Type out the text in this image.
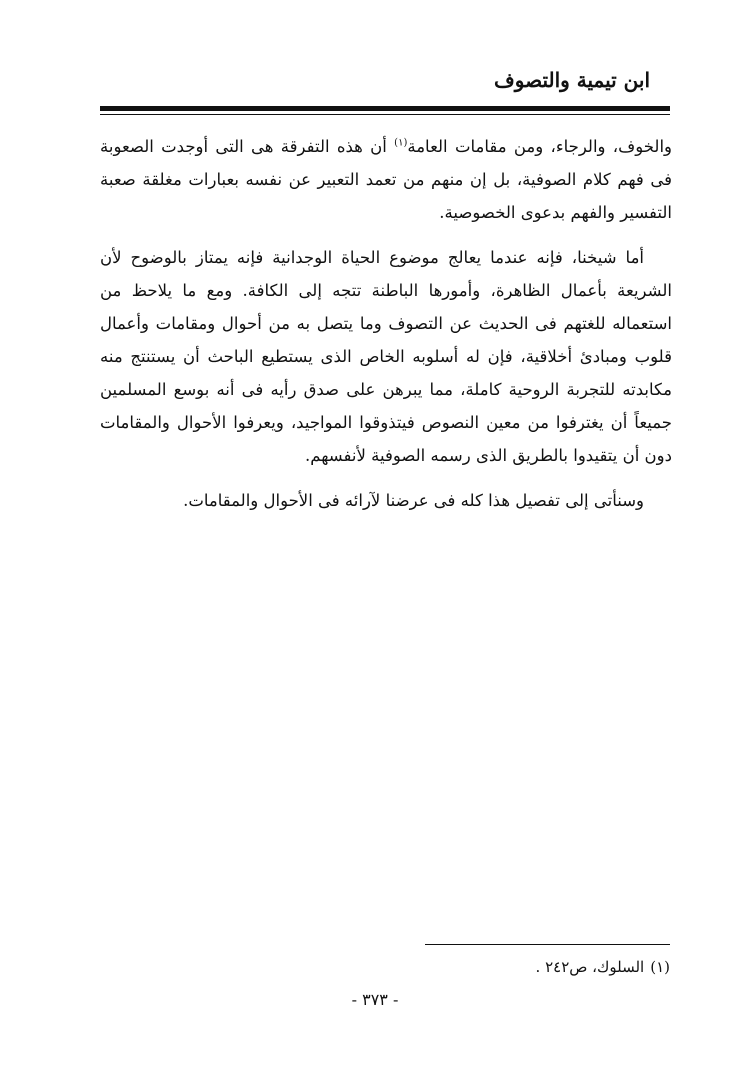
ابن تيمية والتصوف

والخوف، والرجاء، ومن مقامات العامة$^{(١)}$ أن هذه التفرقة هى التى أوجدت الصعوبة فى فهم كلام الصوفية، بل إن منهم من تعمد التعبير عن نفسه بعبارات مغلقة صعبة التفسير والفهم بدعوى الخصوصية.

أما شيخنا، فإنه عندما يعالج موضوع الحياة الوجدانية فإنه يمتاز بالوضوح لأن الشريعة بأعمال الظاهرة، وأمورها الباطنة تتجه إلى الكافة. ومع ما يلاحظ من استعماله للغتهم فى الحديث عن التصوف وما يتصل به من أحوال ومقامات وأعمال قلوب ومبادئ أخلاقية، فإن له أسلوبه الخاص الذى يستطيع الباحث أن يستنتج منه مكابدته للتجربة الروحية كاملة، مما يبرهن على صدق رأيه فى أنه بوسع المسلمين جميعاً أن يغترفوا من معين النصوص فيتذوقوا المواجيد، ويعرفوا الأحوال والمقامات دون أن يتقيدوا بالطريق الذى رسمه الصوفية لأنفسهم.

وسنأتى إلى تفصيل هذا كله فى عرضنا لآرائه فى الأحوال والمقامات.

(١)السلوك، ص٢٤٢ .
- ٣٧٣ -
